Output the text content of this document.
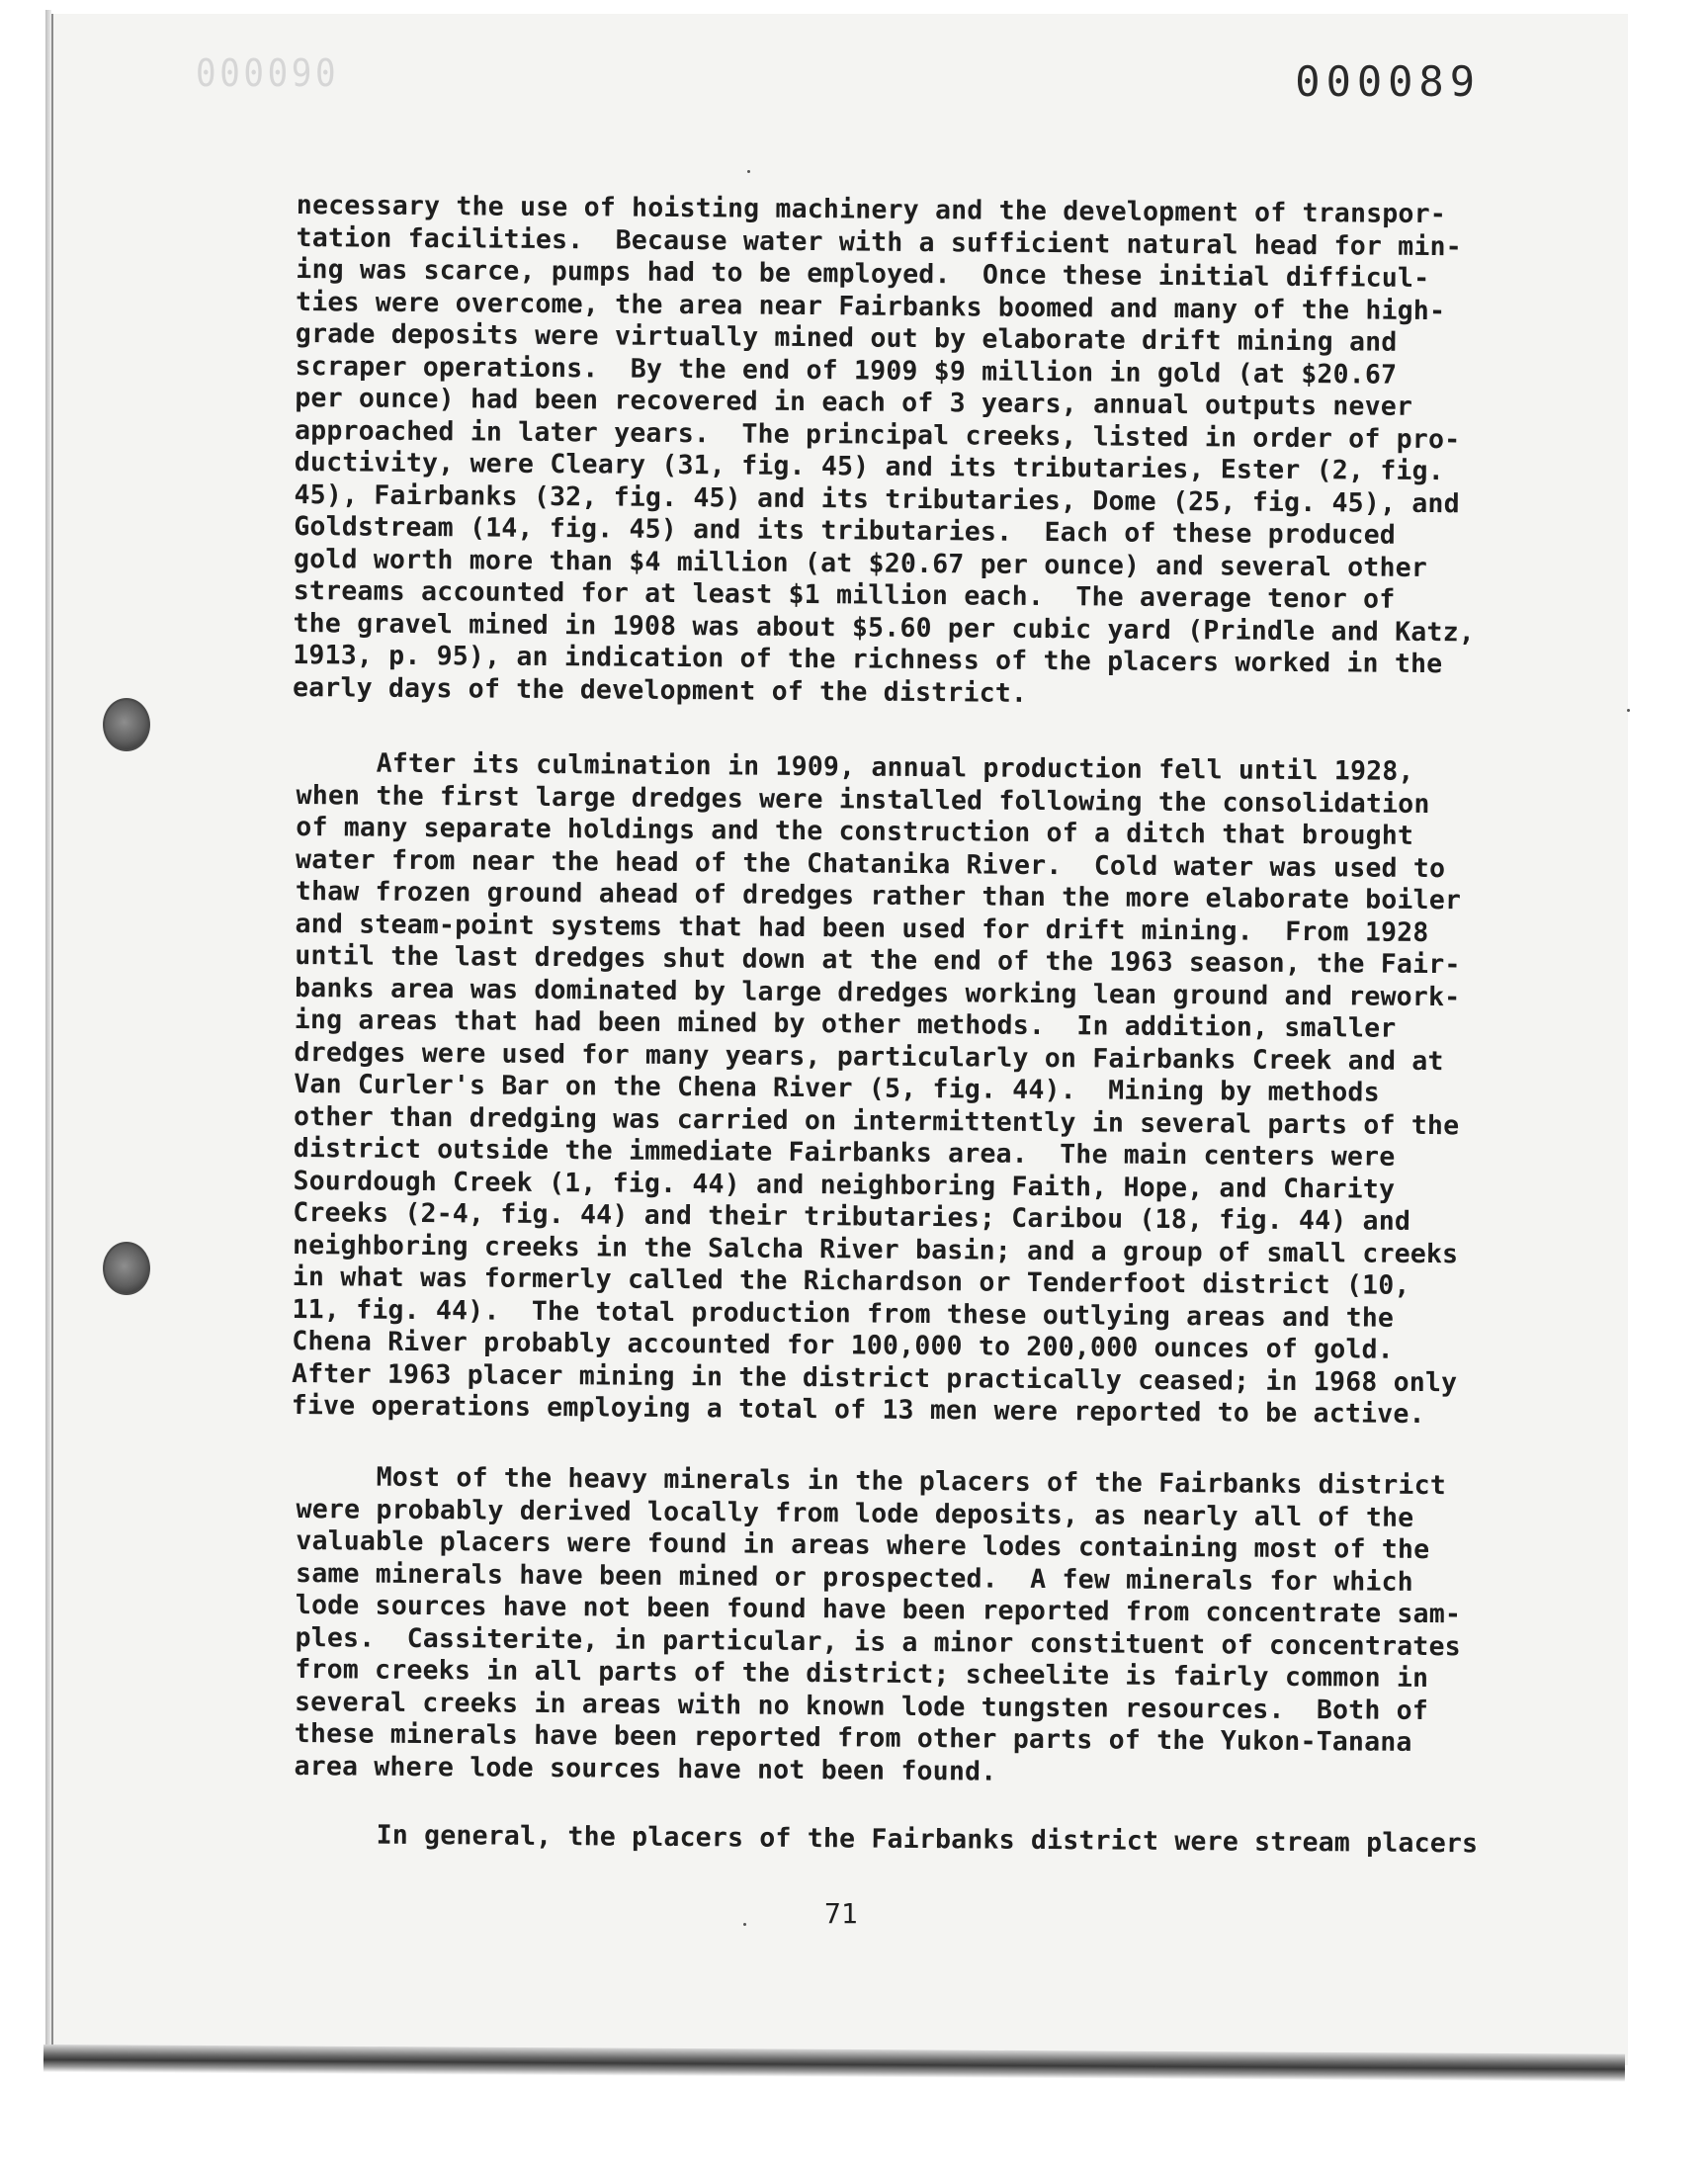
000090	000089
necessary the use of hoisting machinery and the development of transpor-
tation facilities.  Because water with a sufficient natural head for min-
ing was scarce, pumps had to be employed.  Once these initial difficul-
ties were overcome, the area near Fairbanks boomed and many of the high-
grade deposits were virtually mined out by elaborate drift mining and
scraper operations.  By the end of 1909 $9 million in gold (at $20.67
per ounce) had been recovered in each of 3 years, annual outputs never
approached in later years.  The principal creeks, listed in order of pro-
ductivity, were Cleary (31, fig. 45) and its tributaries, Ester (2, fig.
45), Fairbanks (32, fig. 45) and its tributaries, Dome (25, fig. 45), and
Goldstream (14, fig. 45) and its tributaries.  Each of these produced
gold worth more than $4 million (at $20.67 per ounce) and several other
streams accounted for at least $1 million each.  The average tenor of
the gravel mined in 1908 was about $5.60 per cubic yard (Prindle and Katz,
1913, p. 95), an indication of the richness of the placers worked in the
early days of the development of the district.
After its culmination in 1909, annual production fell until 1928,
when the first large dredges were installed following the consolidation
of many separate holdings and the construction of a ditch that brought
water from near the head of the Chatanika River.  Cold water was used to
thaw frozen ground ahead of dredges rather than the more elaborate boiler
and steam-point systems that had been used for drift mining.  From 1928
until the last dredges shut down at the end of the 1963 season, the Fair-
banks area was dominated by large dredges working lean ground and rework-
ing areas that had been mined by other methods.  In addition, smaller
dredges were used for many years, particularly on Fairbanks Creek and at
Van Curler's Bar on the Chena River (5, fig. 44).  Mining by methods
other than dredging was carried on intermittently in several parts of the
district outside the immediate Fairbanks area.  The main centers were
Sourdough Creek (1, fig. 44) and neighboring Faith, Hope, and Charity
Creeks (2-4, fig. 44) and their tributaries; Caribou (18, fig. 44) and
neighboring creeks in the Salcha River basin; and a group of small creeks
in what was formerly called the Richardson or Tenderfoot district (10,
11, fig. 44).  The total production from these outlying areas and the
Chena River probably accounted for 100,000 to 200,000 ounces of gold.
After 1963 placer mining in the district practically ceased; in 1968 only
five operations employing a total of 13 men were reported to be active.
Most of the heavy minerals in the placers of the Fairbanks district
were probably derived locally from lode deposits, as nearly all of the
valuable placers were found in areas where lodes containing most of the
same minerals have been mined or prospected.  A few minerals for which
lode sources have not been found have been reported from concentrate sam-
ples.  Cassiterite, in particular, is a minor constituent of concentrates
from creeks in all parts of the district; scheelite is fairly common in
several creeks in areas with no known lode tungsten resources.  Both of
these minerals have been reported from other parts of the Yukon-Tanana
area where lode sources have not been found.
In general, the placers of the Fairbanks district were stream placers
71
